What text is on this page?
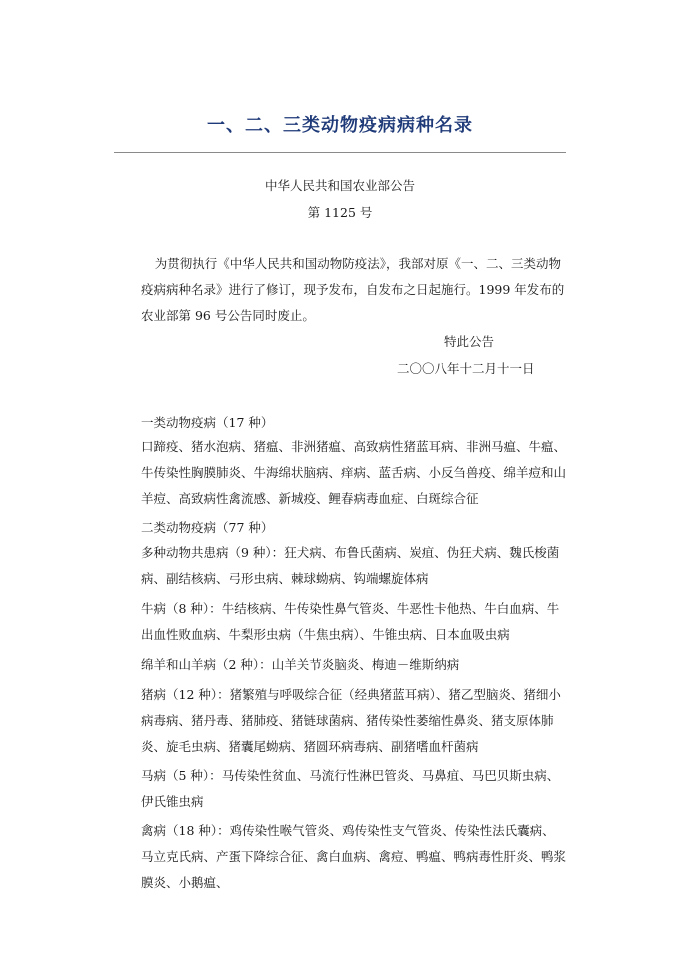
一、二、三类动物疫病病种名录
中华人民共和国农业部公告
第 1125 号

为贯彻执行《中华人民共和国动物防疫法》，我部对原《一、二、三类动物疫病病种名录》进行了修订，现予发布，自发布之日起施行。1999 年发布的农业部第 96 号公告同时废止。

特此公告
二〇〇八年十二月十一日
一类动物疫病（17 种）

口蹄疫、猪水泡病、猪瘟、非洲猪瘟、高致病性猪蓝耳病、非洲马瘟、牛瘟、牛传染性胸膜肺炎、牛海绵状脑病、痒病、蓝舌病、小反刍兽疫、绵羊痘和山羊痘、高致病性禽流感、新城疫、鲤春病毒血症、白斑综合征

二类动物疫病（77 种）

多种动物共患病（9 种）：狂犬病、布鲁氏菌病、炭疽、伪狂犬病、魏氏梭菌病、副结核病、弓形虫病、棘球蚴病、钩端螺旋体病

牛病（8 种）：牛结核病、牛传染性鼻气管炎、牛恶性卡他热、牛白血病、牛出血性败血病、牛梨形虫病（牛焦虫病）、牛锥虫病、日本血吸虫病

绵羊和山羊病（2 种）：山羊关节炎脑炎、梅迪－维斯纳病

猪病（12 种）：猪繁殖与呼吸综合征（经典猪蓝耳病）、猪乙型脑炎、猪细小病毒病、猪丹毒、猪肺疫、猪链球菌病、猪传染性萎缩性鼻炎、猪支原体肺炎、旋毛虫病、猪囊尾蚴病、猪圆环病毒病、副猪嗜血杆菌病

马病（5 种）：马传染性贫血、马流行性淋巴管炎、马鼻疽、马巴贝斯虫病、伊氏锥虫病

禽病（18 种）：鸡传染性喉气管炎、鸡传染性支气管炎、传染性法氏囊病、马立克氏病、产蛋下降综合征、禽白血病、禽痘、鸭瘟、鸭病毒性肝炎、鸭浆膜炎、小鹅瘟、
